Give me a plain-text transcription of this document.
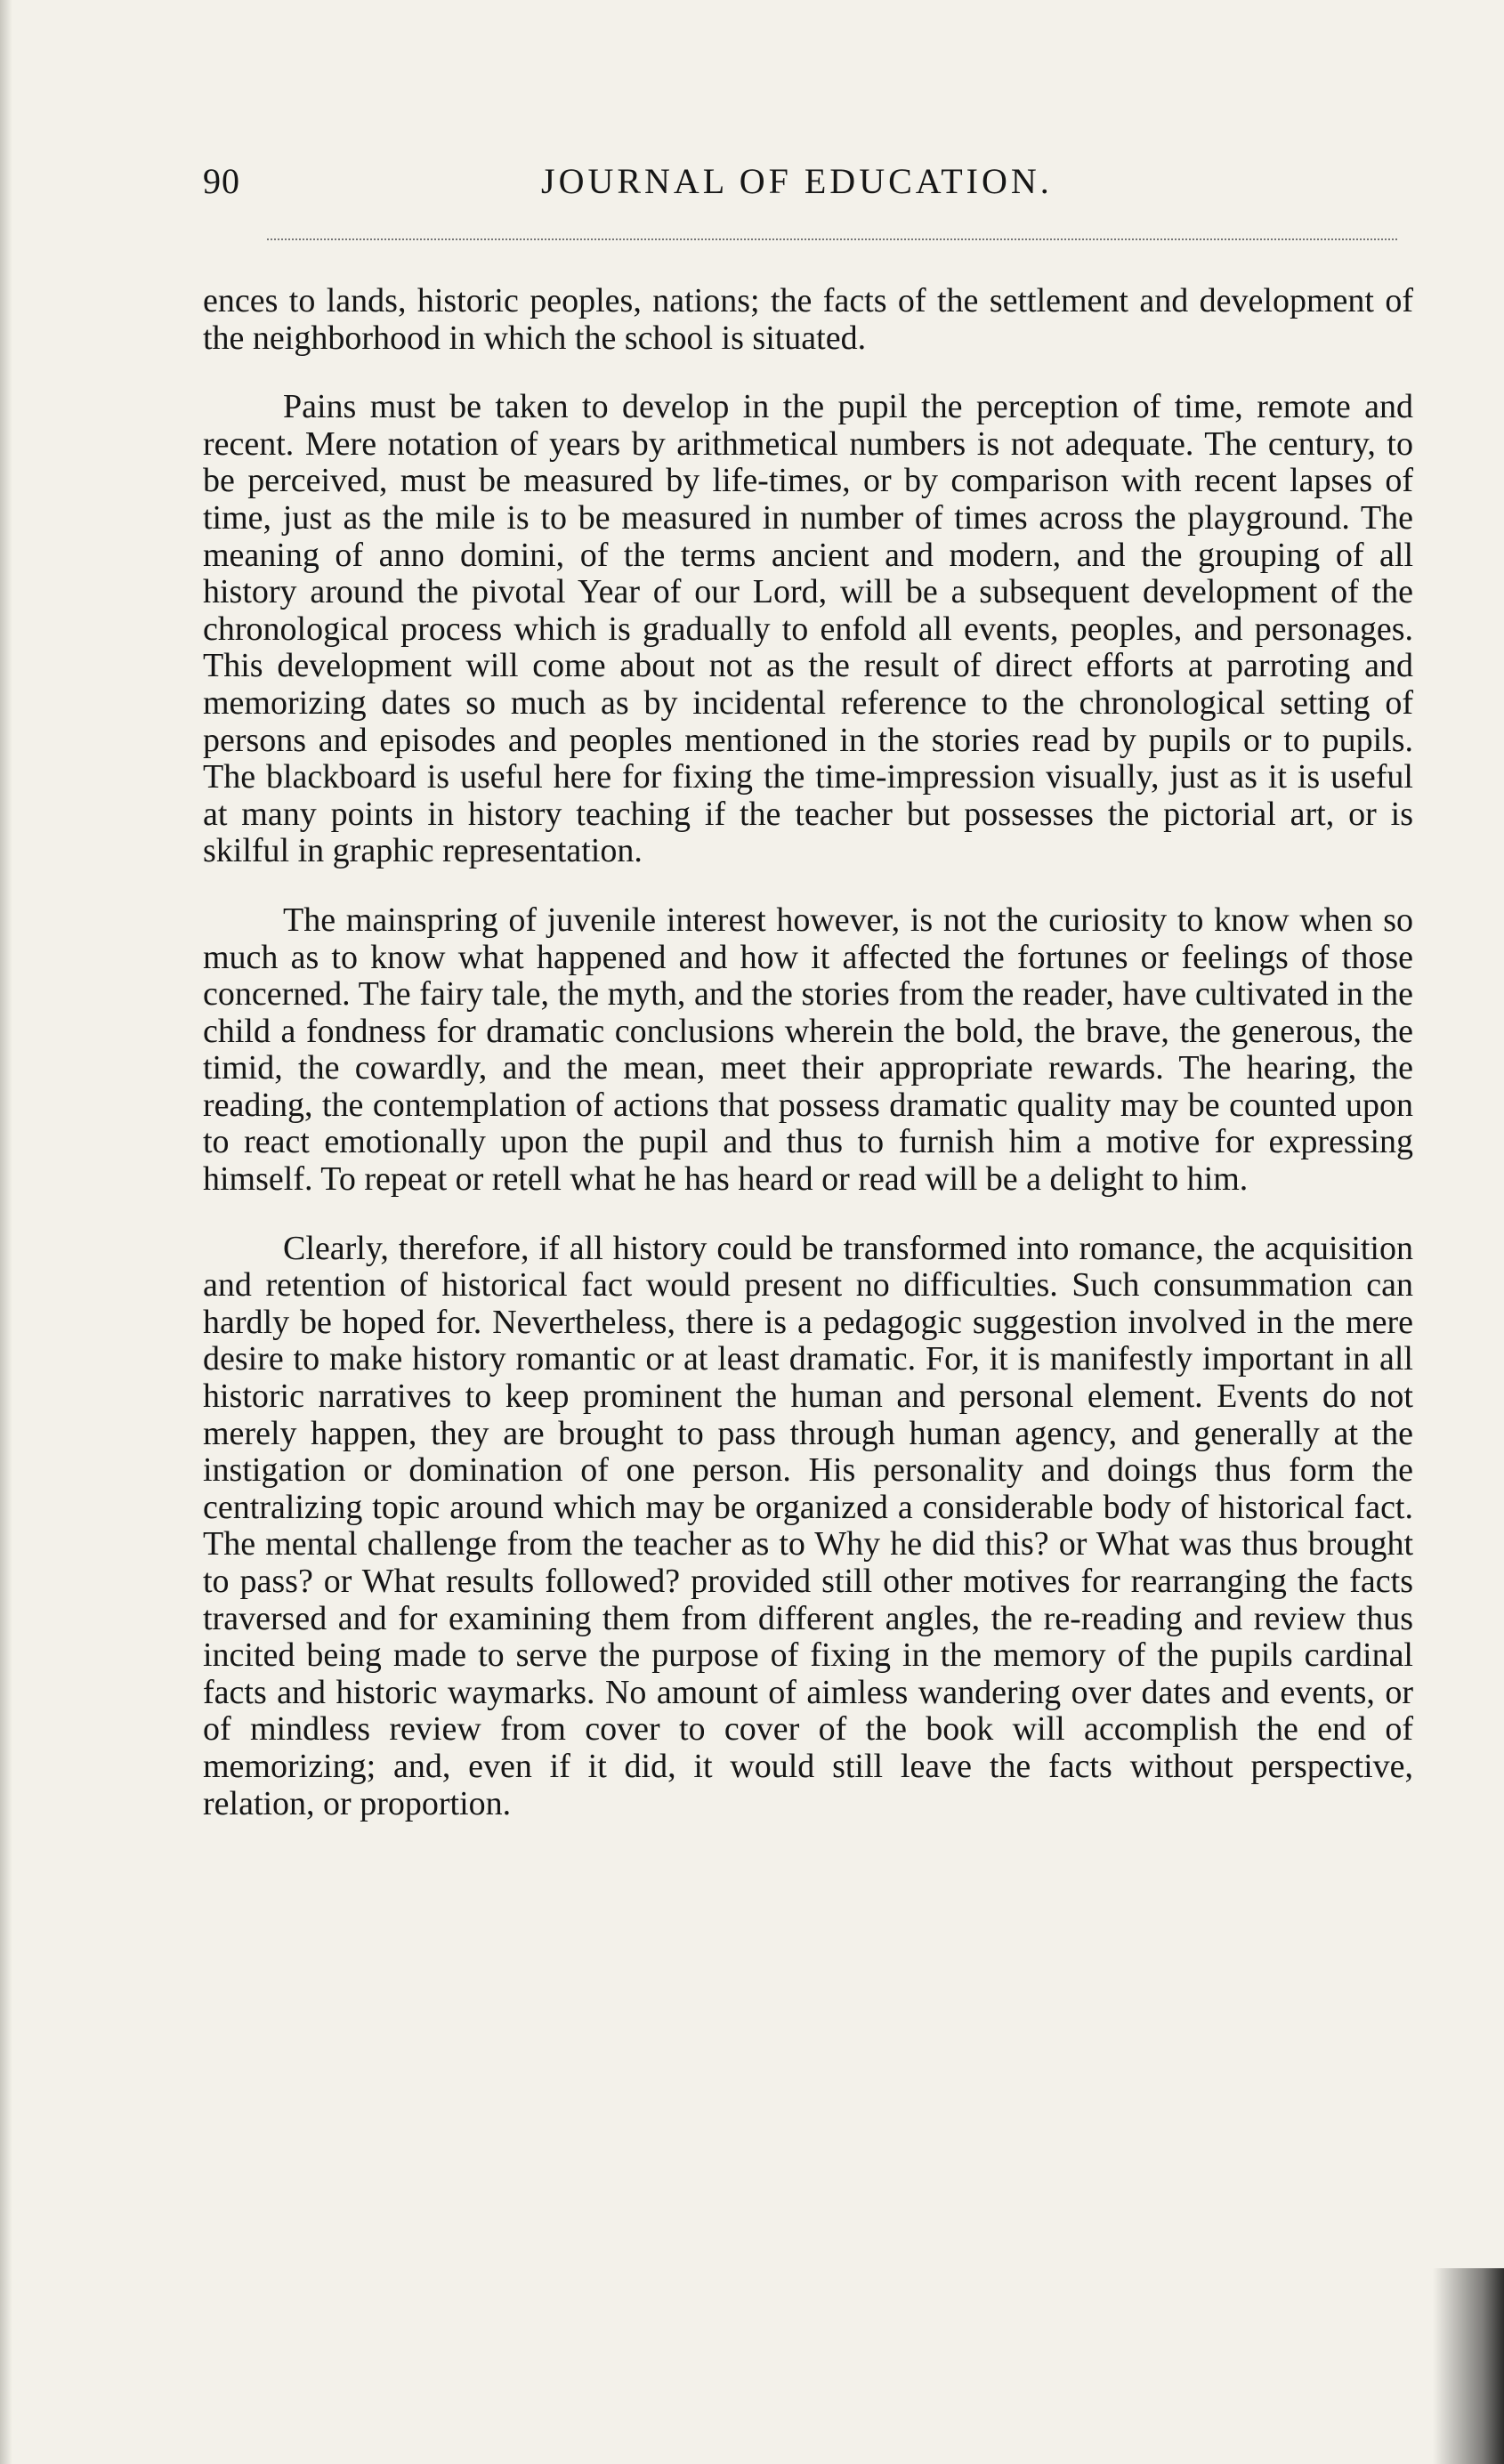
90	JOURNAL OF EDUCATION.

ences to lands, historic peoples, nations; the facts of the settlement and development of the neighborhood in which the school is situated.

Pains must be taken to develop in the pupil the perception of time, remote and recent. Mere notation of years by arithmetical numbers is not adequate. The century, to be perceived, must be measured by life-times, or by comparison with recent lapses of time, just as the mile is to be measured in number of times across the playground. The meaning of anno domini, of the terms ancient and modern, and the grouping of all history around the pivotal Year of our Lord, will be a subsequent development of the chronological process which is gradually to enfold all events, peoples, and personages. This development will come about not as the result of direct efforts at parroting and memorizing dates so much as by incidental reference to the chronological setting of persons and episodes and peoples mentioned in the stories read by pupils or to pupils. The blackboard is useful here for fixing the time-impression visually, just as it is useful at many points in history teaching if the teacher but possesses the pictorial art, or is skilful in graphic representation.

The mainspring of juvenile interest however, is not the curiosity to know when so much as to know what happened and how it affected the fortunes or feelings of those concerned. The fairy tale, the myth, and the stories from the reader, have cultivated in the child a fondness for dramatic conclusions wherein the bold, the brave, the generous, the timid, the cowardly, and the mean, meet their appropriate rewards. The hearing, the reading, the contemplation of actions that possess dramatic quality may be counted upon to react emotionally upon the pupil and thus to furnish him a motive for expressing himself. To repeat or retell what he has heard or read will be a delight to him.

Clearly, therefore, if all history could be transformed into romance, the acquisition and retention of historical fact would present no difficulties. Such consummation can hardly be hoped for. Nevertheless, there is a pedagogic suggestion involved in the mere desire to make history romantic or at least dramatic. For, it is manifestly important in all historic narratives to keep prominent the human and personal element. Events do not merely happen, they are brought to pass through human agency, and generally at the instigation or domination of one person. His personality and doings thus form the centralizing topic around which may be organized a considerable body of historical fact. The mental challenge from the teacher as to Why he did this? or What was thus brought to pass? or What results followed? provided still other motives for rearranging the facts traversed and for examining them from different angles, the re-reading and review thus incited being made to serve the purpose of fixing in the memory of the pupils cardinal facts and historic waymarks. No amount of aimless wandering over dates and events, or of mindless review from cover to cover of the book will accomplish the end of memorizing; and, even if it did, it would still leave the facts without perspective, relation, or proportion.
